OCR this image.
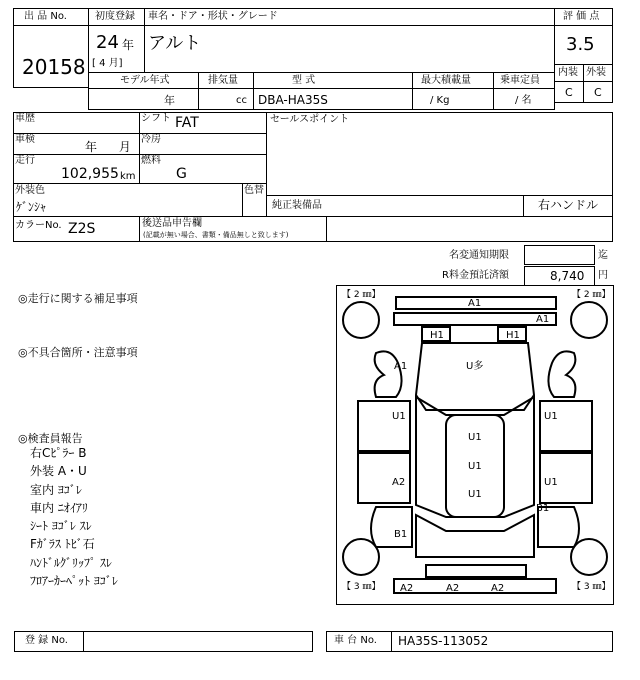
出 品 No.
20158
初度登録
24 年
[ 4 月]
車名・ドア・形状・グレード
アルト
評 価 点
3.5
内装 外装
C C
モデル年式
年
排気量
cc
型 式
DBA-HA35S
最大積載量
/ Kg
乗車定員
/ 名
車歴	シフト FAT
車検
年 月
冷房
走行
102,955 km
燃料
G
セールスポイント
外装色
ｹﾞﾝｼｬ
色替
純正装備品	右ハンドル
カラーNo. Z2S	後送品申告欄
(記載が無い場合、書類・備品無しと致します)
名変通知期限	迄
R料金預託済額	8,740 円
◎走行に関する補足事項
◎不具合箇所・注意事項
◎検査員報告
右Cﾋﾟﾗｰ B
外装 A・U
室内 ﾖｺﾞﾚ
車内 ﾆｵｲｱﾘ
ｼｰﾄ ﾖｺﾞﾚ ｽﾚ
Fｶﾞﾗｽ ﾄﾋﾞ石
ﾊﾝﾄﾞﾙｸﾞﾘｯﾌﾟ ｽﾚ
ﾌﾛｱｰｶｰﾍﾟｯﾄ ﾖｺﾞﾚ
【 2 ㎜】	【 2 ㎜】
【 3 ㎜】	【 3 ㎜】
A1
A1
H1	H1
A1	U多
U1	U1
U1
U1
U1
A2	U1
B1
B1
A2	A2	A2
登 録 No.	車 台 No. HA35S-113052
